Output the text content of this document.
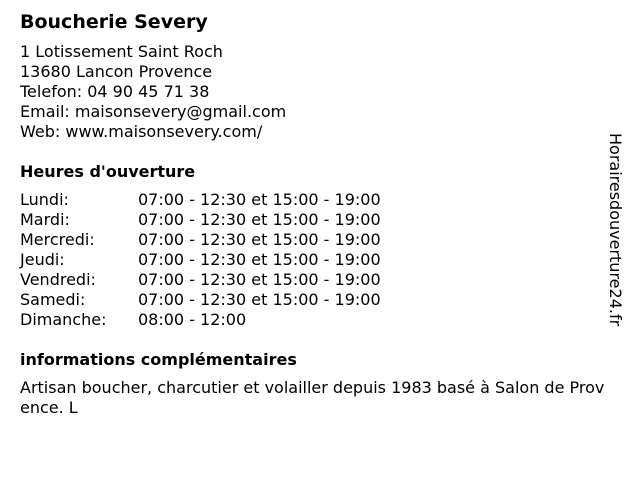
Boucherie Severy
1 Lotissement Saint Roch
13680 Lancon Provence
Telefon: 04 90 45 71 38
Email: maisonsevery@gmail.com
Web: www.maisonsevery.com/
Heures d'ouverture
Lundi:	07:00 - 12:30 et 15:00 - 19:00
Mardi:	07:00 - 12:30 et 15:00 - 19:00
Mercredi:	07:00 - 12:30 et 15:00 - 19:00
Jeudi:	07:00 - 12:30 et 15:00 - 19:00
Vendredi:	07:00 - 12:30 et 15:00 - 19:00
Samedi:	07:00 - 12:30 et 15:00 - 19:00
Dimanche:	08:00 - 12:00
informations complémentaires
Artisan boucher, charcutier et volailler depuis 1983 basé à Salon de Provence. L
Horairesdouverture24.fr
